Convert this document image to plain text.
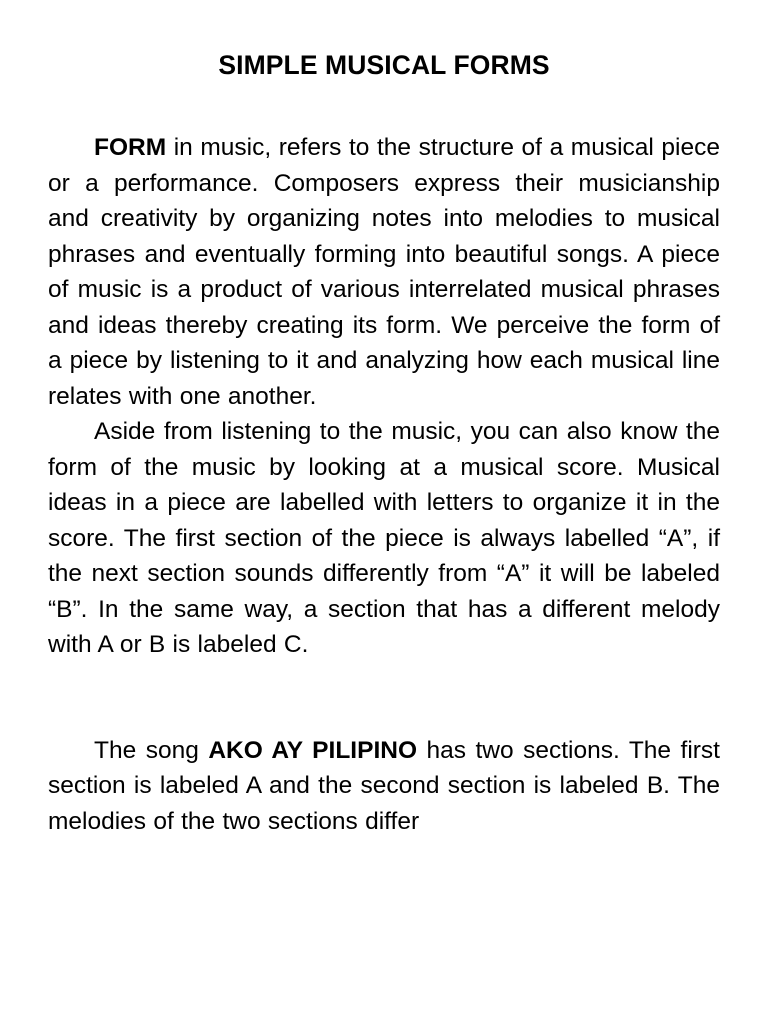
SIMPLE MUSICAL FORMS

FORM in music, refers to the structure of a musical piece or a performance. Composers express their musicianship and creativity by organizing notes into melodies to musical phrases and eventually forming into beautiful songs. A piece of music is a product of various interrelated musical phrases and ideas thereby creating its form. We perceive the form of a piece by listening to it and analyzing how each musical line relates with one another.

Aside from listening to the music, you can also know the form of the music by looking at a musical score. Musical ideas in a piece are labelled with letters to organize it in the score. The first section of the piece is always labelled “A”, if the next section sounds differently from “A” it will be labeled “B”. In the same way, a section that has a different melody with A or B is labeled C.

The song AKO AY PILIPINO has two sections. The first section is labeled A and the second section is labeled B. The melodies of the two sections differ
